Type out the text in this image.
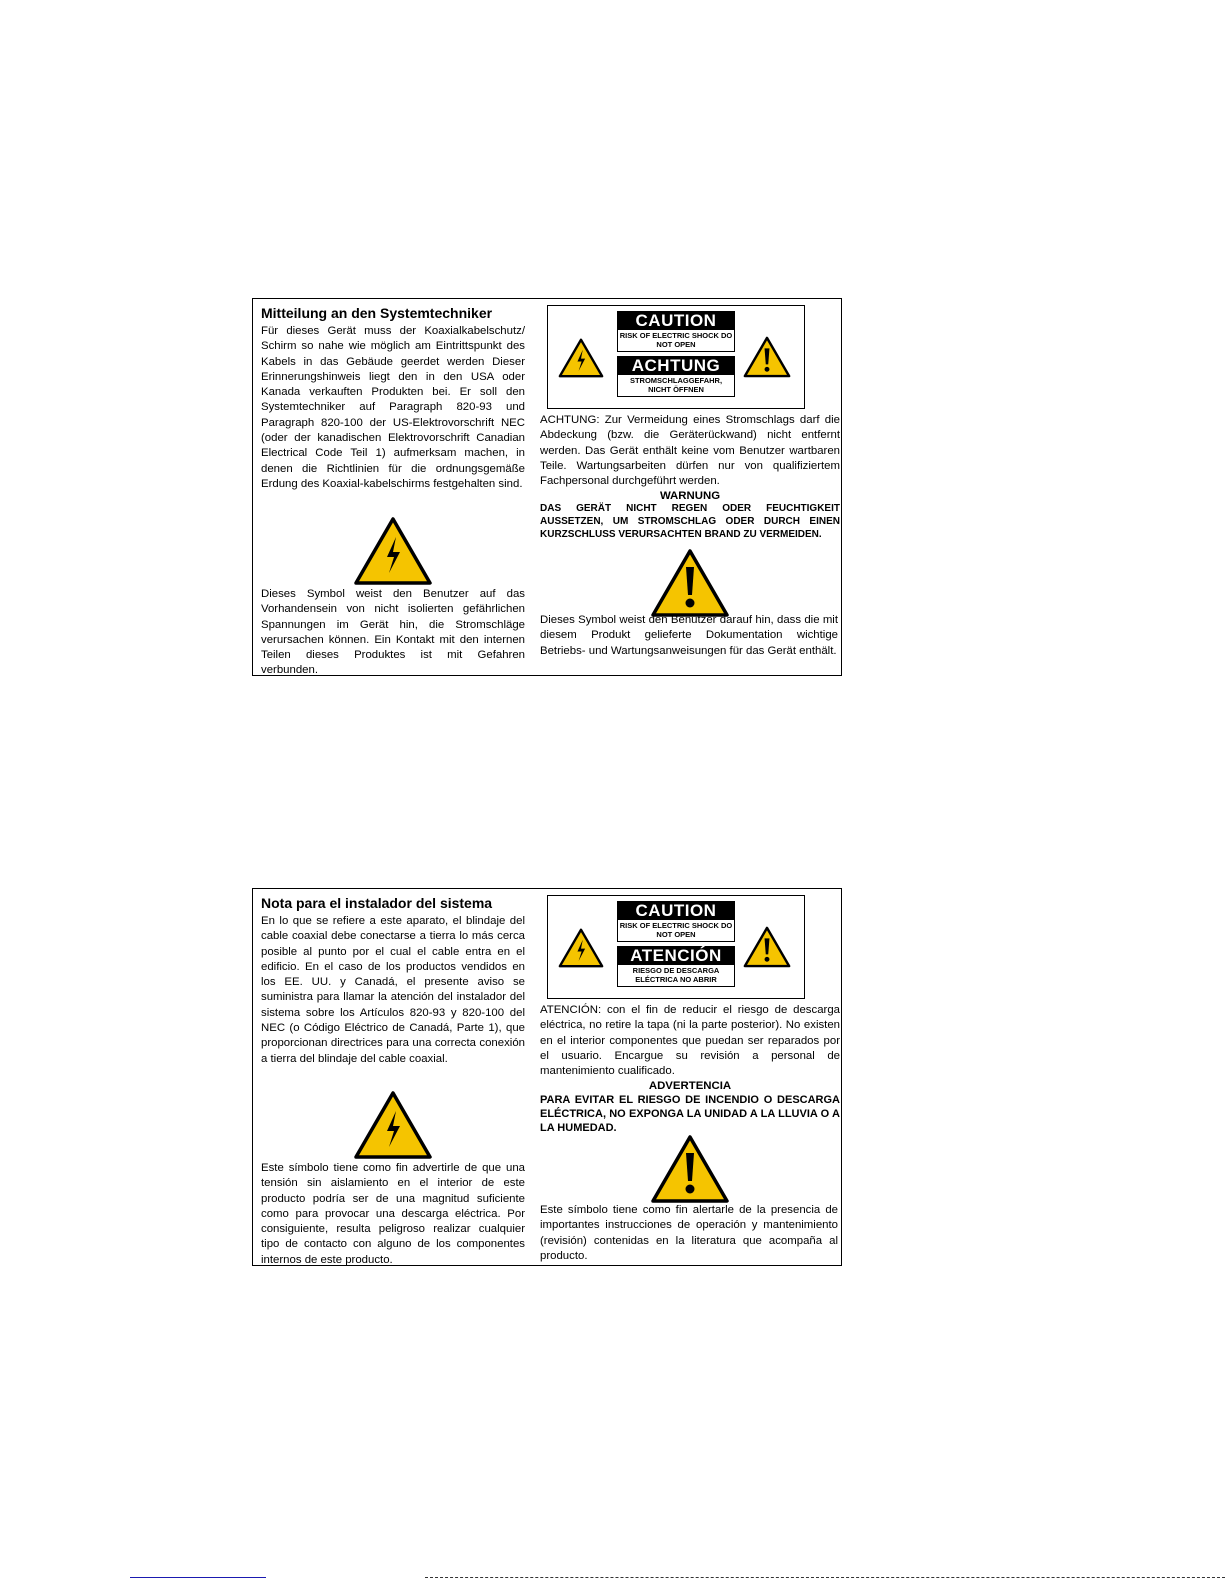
Mitteilung an den Systemtechniker

Für dieses Gerät muss der Koaxialkabelschutz/ Schirm so nahe wie möglich am Eintrittspunkt des Kabels in das Gebäude geerdet werden Dieser Erinnerungshinweis liegt den in den USA oder Kanada verkauften Produkten bei. Er soll den Systemtechniker auf Paragraph 820-93 und Paragraph 820-100 der US-Elektrovorschrift NEC (oder der kanadischen Elektrovorschrift Canadian Electrical Code Teil 1) aufmerksam machen, in denen die Richtlinien für die ordnungsgemäße Erdung des Koaxial-kabelschirms festgehalten sind.

Dieses Symbol weist den Benutzer auf das Vorhandensein von nicht isolierten gefährlichen Spannungen im Gerät hin, die Stromschläge verursachen können. Ein Kontakt mit den internen Teilen dieses Produktes ist mit Gefahren verbunden.

CAUTION
RISK OF ELECTRIC SHOCK DO NOT OPEN
ACHTUNG
STROMSCHLAGGEFAHR, NICHT ÖFFNEN
ACHTUNG: Zur Vermeidung eines Stromschlags darf die Abdeckung (bzw. die Geräterückwand) nicht entfernt werden. Das Gerät enthält keine vom Benutzer wartbaren Teile. Wartungsarbeiten dürfen nur von qualifiziertem Fachpersonal durchgeführt werden.
WARNUNG
DAS GERÄT NICHT REGEN ODER FEUCHTIGKEIT AUSSETZEN, UM STROMSCHLAG ODER DURCH EINEN KURZSCHLUSS VERURSACHTEN BRAND ZU VERMEIDEN.

Dieses Symbol weist den Benutzer darauf hin, dass die mit diesem Produkt gelieferte Dokumentation wichtige Betriebs- und Wartungsanweisungen für das Gerät enthält.

Nota para el instalador del sistema

En lo que se refiere a este aparato, el blindaje del cable coaxial debe conectarse a tierra lo más cerca posible al punto por el cual el cable entra en el edificio. En el caso de los productos vendidos en los EE. UU. y Canadá, el presente aviso se suministra para llamar la atención del instalador del sistema sobre los Artículos 820-93 y 820-100 del NEC (o Código Eléctrico de Canadá, Parte 1), que proporcionan directrices para una correcta conexión a tierra del blindaje del cable coaxial.

Este símbolo tiene como fin advertirle de que una tensión sin aislamiento en el interior de este producto podría ser de una magnitud suficiente como para provocar una descarga eléctrica. Por consiguiente, resulta peligroso realizar cualquier tipo de contacto con alguno de los componentes internos de este producto.

CAUTION
RISK OF ELECTRIC SHOCK DO NOT OPEN
ATENCIÓN
RIESGO DE DESCARGA ELÉCTRICA NO ABRIR
ATENCIÓN: con el fin de reducir el riesgo de descarga eléctrica, no retire la tapa (ni la parte posterior). No existen en el interior componentes que puedan ser reparados por el usuario. Encargue su revisión a personal de mantenimiento cualificado.
ADVERTENCIA
PARA EVITAR EL RIESGO DE INCENDIO O DESCARGA ELÉCTRICA, NO EXPONGA LA UNIDAD A LA LLUVIA O A LA HUMEDAD.

Este símbolo tiene como fin alertarle de la presencia de importantes instrucciones de operación y mantenimiento (revisión) contenidas en la literatura que acompaña al producto.
